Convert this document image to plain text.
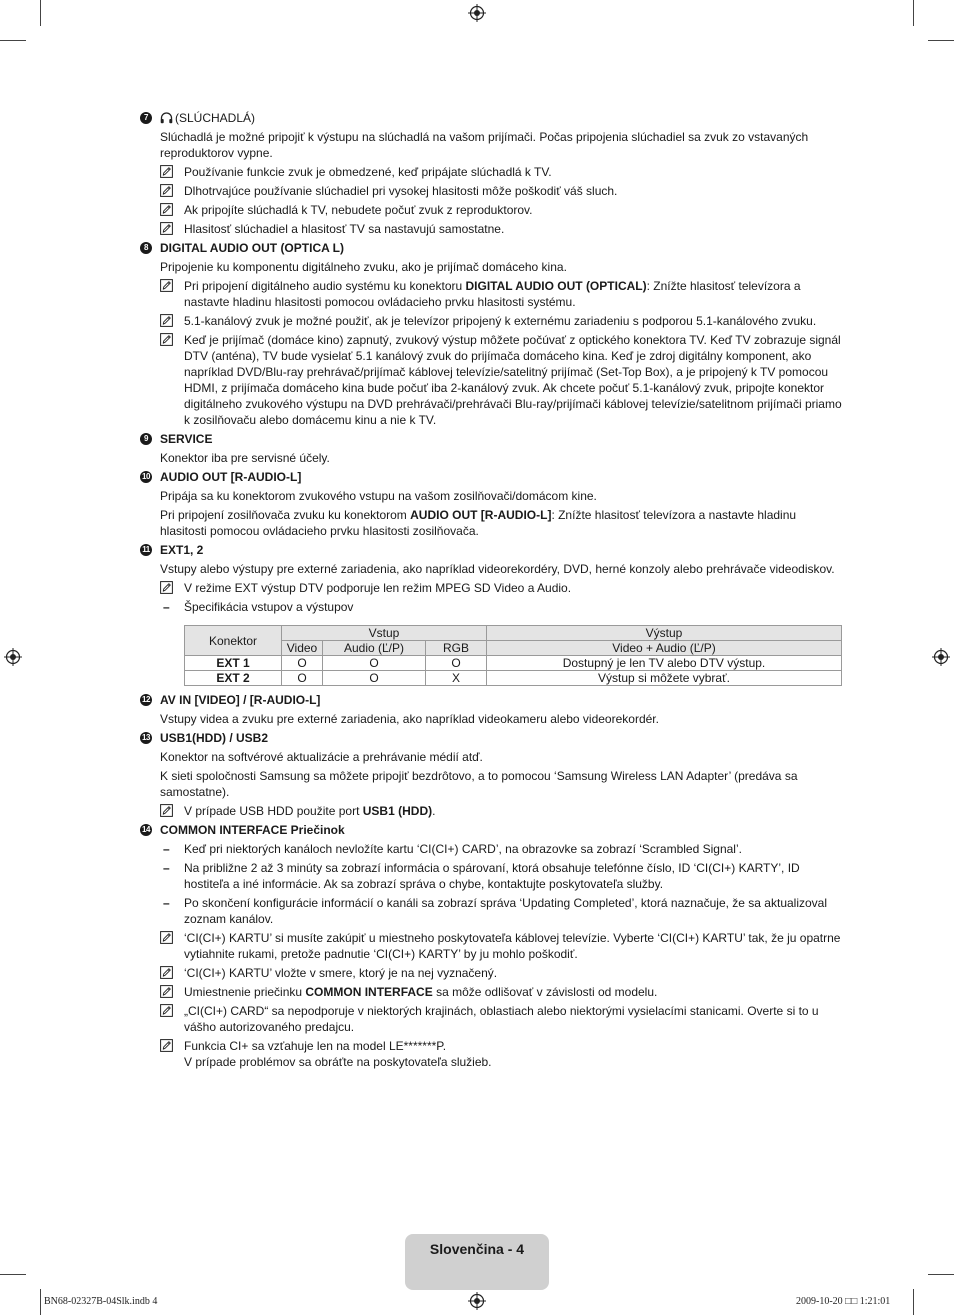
7	(SLÚCHADLÁ)
Slúchadlá je možné pripojiť k výstupu na slúchadlá na vašom prijímači. Počas pripojenia slúchadiel sa zvuk zo vstavaných reproduktorov vypne.
Používanie funkcie zvuk je obmedzené, keď pripájate slúchadlá k TV.
Dlhotrvajúce používanie slúchadiel pri vysokej hlasitosti môže poškodiť váš sluch.
Ak pripojíte slúchadlá k TV, nebudete počuť zvuk z reproduktorov.
Hlasitosť slúchadiel a hlasitosť TV sa nastavujú samostatne.
8	DIGITAL AUDIO OUT (OPTICA L)
Pripojenie ku komponentu digitálneho zvuku, ako je prijímač domáceho kina.
Pri pripojení digitálneho audio systému ku konektoru DIGITAL AUDIO OUT (OPTICAL): Znížte hlasitosť televízora a nastavte hladinu hlasitosti pomocou ovládacieho prvku hlasitosti systému.
5.1-kanálový zvuk je možné použiť, ak je televízor pripojený k externému zariadeniu s podporou 5.1-kanálového zvuku.
Keď je prijímač (domáce kino) zapnutý, zvukový výstup môžete počúvať z optického konektora TV. Keď TV zobrazuje signál DTV (anténa), TV bude vysielať 5.1 kanálový zvuk do prijímača domáceho kina. Keď je zdroj digitálny komponent, ako napríklad DVD/Blu-ray prehrávač/prijímač káblovej televízie/satelitný prijímač (Set-Top Box), a je pripojený k TV pomocou HDMI, z prijímača domáceho kina bude počuť iba 2-kanálový zvuk. Ak chcete počuť 5.1-kanálový zvuk, pripojte konektor digitálneho zvukového výstupu na DVD prehrávači/prehrávači Blu-ray/prijímači káblovej televízie/satelitnom prijímači priamo k zosilňovaču alebo domácemu kinu a nie k TV.
9	SERVICE
Konektor iba pre servisné účely.
10 AUDIO OUT [R-AUDIO-L]
Pripája sa ku konektorom zvukového vstupu na vašom zosilňovači/domácom kine.
Pri pripojení zosilňovača zvuku ku konektorom AUDIO OUT [R-AUDIO-L]: Znížte hlasitosť televízora a nastavte hladinu hlasitosti pomocou ovládacieho prvku hlasitosti zosilňovača.
11 EXT1, 2
Vstupy alebo výstupy pre externé zariadenia, ako napríklad videorekordéry, DVD, herné konzoly alebo prehrávače videodiskov.
V režime EXT výstup DTV podporuje len režim MPEG SD Video a Audio.
– Špecifikácia vstupov a výstupov
Konektor	Vstup			Výstup
	Video	Audio (Ľ/P)	RGB	Video + Audio (Ľ/P)
EXT 1	O	O	O	Dostupný je len TV alebo DTV výstup.
EXT 2	O	O	X	Výstup si môžete vybrať.
12 AV IN [VIDEO] / [R-AUDIO-L]
Vstupy videa a zvuku pre externé zariadenia, ako napríklad videokameru alebo videorekordér.
13 USB1(HDD) / USB2
Konektor na softvérové aktualizácie a prehrávanie médií atď.
K sieti spoločnosti Samsung sa môžete pripojiť bezdrôtovo, a to pomocou ‘Samsung Wireless LAN Adapter’ (predáva sa samostatne).
V prípade USB HDD použite port USB1 (HDD).
14 COMMON INTERFACE Priečinok
– Keď pri niektorých kanáloch nevložíte kartu ‘CI(CI+) CARD’, na obrazovke sa zobrazí ‘Scrambled Signal’.
– Na približne 2 až 3 minúty sa zobrazí informácia o spárovaní, ktorá obsahuje telefónne číslo, ID ‘CI(CI+) KARTY’, ID hostiteľa a iné informácie. Ak sa zobrazí správa o chybe, kontaktujte poskytovateľa služby.
– Po skončení konfigurácie informácií o kanáli sa zobrazí správa ‘Updating Completed’, ktorá naznačuje, že sa aktualizoval zoznam kanálov.
‘CI(CI+) KARTU’ si musíte zakúpiť u miestneho poskytovateľa káblovej televízie. Vyberte ‘CI(CI+) KARTU’ tak, že ju opatrne vytiahnite rukami, pretože padnutie ‘CI(CI+) KARTY’ by ju mohlo poškodiť.
‘CI(CI+) KARTU’ vložte v smere, ktorý je na nej vyznačený.
Umiestnenie priečinku COMMON INTERFACE sa môže odlišovať v závislosti od modelu.
„CI(CI+) CARD“ sa nepodporuje v niektorých krajinách, oblastiach alebo niektorými vysielacími stanicami. Overte si to u vášho autorizovaného predajcu.
Funkcia CI+ sa vzťahuje len na model LE*******P.
V prípade problémov sa obráťte na poskytovateľa služieb.
Slovenčina - 4
BN68-02327B-04Slk.indb 4	2009-10-20 □□ 1:21:01
